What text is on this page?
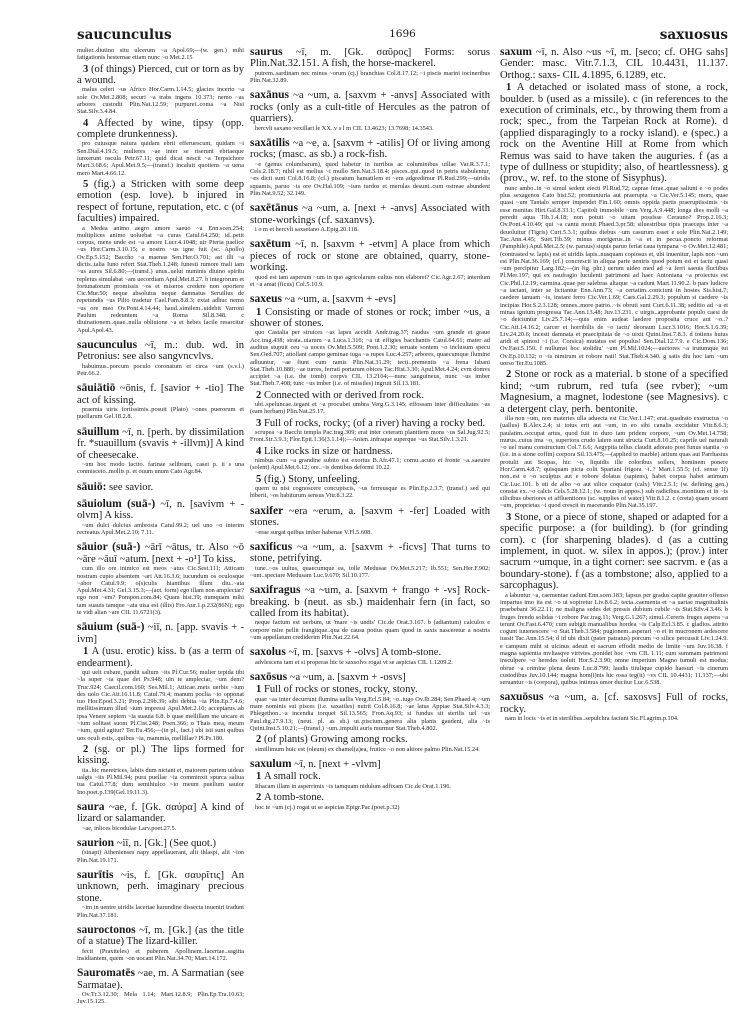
saucunculus	1696	saxuosus

mulier..diutino situ ulcerum ~a Apol.69;—(w. gen.) mihi fatigationis hesternae etiam nunc ~o Met.2.15

3 (of things) Pierced, cut or torn as by a wound.

malus celeri ~us Africo Hor.Carm.1.14.5; glacies incerto ~a sole Ov.Met.2.808; securi ~a trabs ingens 10.373; nemo ~as arbores custodit Plin.Nat.12.59; purpurei..coma ~a Nisi Stat.Silv.3.4.84.

4 Affected by wine, tipsy (opp. complete drunkenness).

pro cuiusque natura quidam ebrii efferuescunt, quidam ~i Sen.Dial.4.19.5; mulieres ~ae inter se riserunt ebriaeque iunxerunt oscula Petr.67.11; quid dicat nescit ~a Terpsichore Mart.3.68.6; Apul.Met.9.5;—(transf.) incaluit quotiens ~a uena mero Mart.4.66.12.

5 (fig.) a Stricken with some deep emotion (esp. love). b injured in respect of fortune, reputation, etc. c (of faculties) impaired.

a Medea animo aegro amore saeuo ~a Enn.scen.254; multiplices animo uoluebat ~a curas Catul.64.250; id..petit corpus, mens unde est ~a amore Lucr.4.1048; uir Pieria paelice ~us Hor.Carm.3.10.15; e nostro ~us igne fuit (sc. Apollo) Ov.Ep.5.152; Baccho ~a maenas Sen.Her.O.701; ast illi ~a dictis..talia Iuno refert Stat.Theb.1.248; funesti rumore mali iam ~us aures Sil.6.80;—(transf.) unus..uelut numinis diuino spiritu repletus simulabat ~am uecordiam Apul.Met.8.27. b integrorum et fortunatorum promissis ~os et miseros credere non oportere Cic.Mur.50; neque absolutus neque damnatus Seruilius de repetundis ~us Pilio tradetur Cael.Fam.8.8.3; extat adhuc nemo ~us ore meo Ov.Pont.4.14.44; haud..similem..uidebit Varroni Paulum redeuntem ~a Roma Sil.8.348. c diuinationem..quae..nulla obliuione ~a et hebes facile resarcitur Apul.Apol.43.

saucunculus ~ī, m.: dub. wd. in Petronius: see also sangvncvlvs.

habuimus..porcum poculo coronatum et circa ~um (s.v.l.) Petr.66.2.

sāuiātiō ~ōnis, f. [savior + -tio] The act of kissing.

praemia uiris fortissimis..posuit (Plato) ~ones puerorum et puellarum Gel.18.2.8.

sāuillum ~ī, n. [perh. by dissimilation fr. *suauillum (svavis + -illvm)] A kind of cheesecake.

~um hoc modo facito. farinae selibram, casei p. ii s una conmisceto..mollis p. et ouum unum Cato Agr.84.

sāuiō: see savior.

sāuiolum (suā-) ~ī, n. [savivm + -olvm] A kiss.

~um dulci dulcius ambrosia Catul.99.2; uel uno ~o interim recreatus Apul.Met.2.10; 7.11.

sāuior (suā-) ~ārī ~ātus, tr. Also ~ō ~āre ~āuī ~atum. [next + -o¹] To kiss.

cum illo ore inimico est meos ~atus Cic.Sest.111; Atticam nostram cupio absentem ~ari Att.16.3.6; iucundum os oculosque ~abor Catul.9.9; o(s)culis hiantibus illum diu..~ata Apul.Met.4.31; Gel.3.15.3;—(act. form) ego illam non amplectar? ego non ~em? Pompon.com.84; Quam hist.39; numquam mihi tam suauis tamque ~ata uisa est (illis) Fro.Aur.1.p.232(86N); ego te vidi alian ~are CIL 11.6721(3).

sāuium (suā-) ~iī, n. [app. svavis + -ivm]

1 A (usu. erotic) kiss. b (as a term of endearment).

qui uelt cubare, pandit saltum ~iis Pl.Cur.56; mulier tepida tibi ~la super ~ia quae det Ps.948; uin te amplectar, ~um dem? Truc.924; Caecil.com.160; Ses.Mil.1; Atticae..meis uerbis ~ium des uolo Cic.Att.16.11.8; Catul.79.4; manum poclia ~io opponat tuo Hor.Epod.3.21; Prop.2.29b.39; sibi debita ~ia Plin.Ep.7.4.6; mellitissimum illud ~ium impressi Apul.Met.2.10; acceptarus..ab ipsa Venere septem ~ia suauia 6.8. b quae mellillam me uocare et ~ium solitast suom Pl.Cist.248; Poen.366; o Thais mea, meum ~ium, quid agitur? Ter.Eu.456;—(in pl., fact.) ubi isti sunt quibus uos oculi estis,..quibus ~ia, mammia, mellillae? Pl.Ps.180.

2 (sg. or pl.) The lips formed for kissing.

ita..hic meretrices, labiis dum nictant ei, maiorem partem uideas ualgis ~iis Pl.Mil.94; pura puellae ~ia comminxit spurca saliua tua Catul.77.8; dum semihiulco ~io meum puellum sauior Ino.poet.p.139(Gel.19.11.3).

saura ~ae, f. [Gk. σαύρα] A kind of lizard or salamander.

~ae, inlices bicodulae Larv.poet.27.5.

saurion ~iī, n. [Gk.] (See quot.)

(sinapi) Athenienses napy appellauerant, alii thlaspi, alii ~ion Plin.Nat.19.171.

saurītis ~is, f. [Gk. σαυρῖτις] An unknown, perh. imaginary precious stone.

~im in uentre uiridis lacertae harundine dissecta inueniri tradunt Plin.Nat.37.181.

sauroctonos ~ī, m. [Gk.] (as the title of a statue) The lizard-killer.

fecit (Praxiteles) et puberem Apollinem..lacertae..sagitta insidiantem, quem ~on uocant Plin.Nat.34.70; Mart.14.172.

Sauromatēs ~ae, m. A Sarmatian (see Sarmatae).

Ov.Tr.3.12.30; Mela 1.14; Mart.12.8.9; Plin.Ep.Tra.10.63; Juv.15.125.

saurus ~ī, m. [Gk. σαῦρος] Forms: sorus Plin.Nat.32.151. A fish, the horse-mackerel.

putrem..sardinam nec minus ~orum (cj.) branchias Col.8.17.12; ~i piscis marini iocineribus Plin.Nat.32.89.

saxānus ~a ~um, a. [saxvm + -anvs] Associated with rocks (only as a cult-title of Hercules as the patron of quarriers).

hercvli saxano vexillari le XX..v s l m CIL 13.4623; 13.7698; 14.3543.

saxātilis ~a ~e, a. [saxvm + -atilis] Of or living among rocks; (masc. as sb.) a rock-fish.

~e (genus columbarum), quod habetur in turribus ac columinibus uillae Var.R.3.7.1; Cels.2.18.7; nihil est melius ~i mullo Sen.Nat.3.18.4; pisces..qui..quod in petris stabulentur, ~es dicti sunt Col.8.16.8; (cf.) piscatum hamatilem et ~em adgredimur Pl.Rud.299;—uiridis squamis, paruo ~is ore Ov.Hal.109; ~ium turdos et merulas desunt..cum ostreae abundent Plin.Nat.9.52; 32.149.

saxētānus ~a ~um, a. [next + -anvs] Associated with stone-workings (cf. saxanvs).

i o m et hercvli saxsetano A.Epig.20.118.

saxētum ~ī, n. [saxvm + -etvm] A place from which pieces of rock or stone are obtained, quarry, stone-working.

quod est tam asperum ~um in quo agricolarum cultus non elaboret? Cic.Agr.2.67; interdum et ~a amat (ficus) Col.5.10.9.

saxeus ~a ~um, a. [saxvm + -evs]

1 Consisting or made of stones or rock; imber ~us, a shower of stones.

quo Castalia per struices ~as lapsu accidit Andr.trag.37; raudus ~um grande et graue Acc.trag.438; strata..uiarum ~a Luca.1.316; ~a ut effigies bacchantis Catul.64.61; mater ad auditus stupuit ceu ~a uoces Ov.Met.5.509; Pont.1.2.30; seruate sontem ~o inclusum specu Sen.Oed.707; attollant campo geminae iuga ~a rupes Luc.4.257; arbores, quaecumque flumine adluuntur, ~ae fiunt cum ramis Plin.Nat.31.29; tecti..prementis ~a frena Isbani Stat.Theb.10.880; ~ae turres, ferrati portarum obices Tac.Hist.3.30; Apul.Met.4.24; cvm domvs accipiet ~a (i.e. the tomb) corpvs CIL 13.2104;—nunc sanguineus, nunc ~us imber Stat.Theb.7.408; tunc ~us imber (i.e. of missiles) ingruit Sil.13.181.

2 Connected with or derived from rock.

ubi..speluncae..tegant et ~a procubet umbra Verg.G.3.145; effossam inter difficultates ~as (eam herbam) Plin.Nat.25.17.

3 Full of rocks, rocky; (of a river) having a rocky bed.

scrupea ~a Bacchi templa Pac.trag.309; erat inter ceteram planitiem mons ~us Sal.Jug.92.5; Front.Str.3.9.3; Flor.Epit.1.36(3.1.14);—Anien..infraque superque ~us Stat.Silv.1.3.21.

4 Like rocks in size or hardness.

nimbus cum ~a grandine subito est exortus B.Afr.47.1; cornu..acuto et fronte ~a..saeuire (solent) Apul.Met.6.12; ore..~is dentibus deformi 10.22.

5 (fig.) Stony, unfeeling.

quem tu nisi cognoscere concupiscis, ~us ferreusque es Plin.Ep.2.3.7; (transf.) sed qui biberit, ~os habiturum sensus Vitr.8.3.22.

saxifer ~era ~erum, a. [saxvm + -fer] Loaded with stones.

~erae surgat quibus imber habenae V.Fl.5.608.

saxificus ~a ~um, a. [saxvm + -ficvs] That turns to stone, petrifying.

tune..~os uultus, quaecumque ea, tolle Medusae Ov.Met.5.217; Ib.551; Sen.Her.F.902; ~um..spectare Medusam Luc.9.670; Sil.10.177.

saxifragus ~a ~um, a. [saxvm + frango + -vs] Rock-breaking. b (neut. as sb.) maidenhair fern (in fact, so called from its habitat).

neque factum est uerbum, ut 'mare ~is undis' Cic.de Orat.3.167. b (adiantum) calculos e corpore mire pellit frangitque..qua de causa potius quam quod in saxis nasceretur a nostris ~um appellatum crediderim Plin.Nat.22.64.

saxolus ~ī, m. [saxvs + -olvs] A tomb-stone.

advlescens tam et si properas hic te saxsolvs rogat vt se aspicias CIL 1.1209.2.

saxōsus ~a ~um, a. [saxvm + -osvs]

1 Full of rocks or stones, rocky, stony.

quae ~as inter decurrunt flumina uallis Verg.Ecl.5.84; ~o..iugo Ov.Ib.284; Sen.Phaed.4; ~um mare nominis sui pisces (i.e. saxatiles) nutrit Col.8.16.8; ~ae latus Appiae Stat.Silv.4.3.3; Phlegethon..~a incendia torquet Sil.13.565; Fron.Aq.93; si fundus sit sterilis uel ~us Paul.dig.27.9.13; (neut. pl. as sb.) ut..piscium..genera alia planis gaudent, alia ~is Quint.Inst.5.10.21;—(transf.) ~um..impulit auris murmur Stat.Theb.4.802.

2 (of plants) Growing among rocks.

simillimum huic est (oleum) ex chamel(a)ea, frutice ~o non altiore palmo Plin.Nat.15.24.

saxulum ~ī, n. [next + -vlvm]

1 A small rock.

Ithacam illam in asperrimis ~is tamquam nidulum adfixam Cic.de Orat.1.196.

2 A tomb-stone.

hoc te ~um (cj.) rogat ut se aspicias Epigr.Pac.(poet.p.32)

saxum ~ī, n. Also ~us ~ī, m. [seco; cf. OHG sahs] Gender: masc. Vitr.7.1.3, CIL 10.4431, 11.137. Orthog.: saxs- CIL 4.1895, 6.1289, etc.

1 A detached or isolated mass of stone, a rock, boulder. b (used as a missile). c (in references to the execution of criminals, etc., by throwing them from a rock; spec., from the Tarpeian Rock at Rome). d (applied disparagingly to a rocky island). e (spec.) a rock on the Aventine Hill at Rome from which Remus was said to have taken the auguries. f (as a type of dullness or stupidity; also, of heartlessness). g (prov., w. ref. to the stone of Sisyphus).

nunc ambo..in ~o simul sedent eiecti Pl.Rud.72; caprae ferae..quae saliunt e ~o podes plus sexagenos Cato hist.52; promunturia aut praerupta ~a Cic.Ver.5.145; mors, quae quasi ~um Tantalo semper impendet Fin.1.60; omnis oppida partis praeruptissimis ~is esse munitas Hirt.Gal.8.33.1; Capitoli immobile ~um Verg.A.9.448; longa dies molli ~a peredit aqua Tib.1.4.18; non potuit ~o uitam possisse Ceraunо? Prop.2.16.3; Ov.Pont.4.10.49; qui ~a cantu monit Phaed.3.pr.58; siluestribus ripis praeceps inter ~a deuoluitur (Tigris) Curt.5.3.1; quibus diebus ~um casurum esset e sole Plin.Nat.2.149; Tac.Ann.4.45; Suet.Tib.39; minus morigerus..in ~a et in pecua..poncto reformat (Pamphile) Apul.Met.2.5; (w. paruus) siquis paruo feriat caua tympana ~o Ov.Met.12.481; (contrasted w. lapis) est et uiridis lapis..nusquam copiosus et, ubi inuenitur, lapis non ~um est Plin.Nat.36.169; (cf.) concrescit in aliqua parte uentris quod potum est et tactu quasi ~um percipitur Larg.182;—(in fig. phr.) uerum uideo med ad ~a ferri saeuis fluctibus Pl.Mer.197; qui ex naufragio luculenti patrimoni ad haec Antoniana ~a proiectus est Cic.Phil.12.19; carmina..quae per salebras altaque ~a cadunt Mart.11.90.2. b pars ludicre ~a iactant, inter se licitantur Enn.Ann.73; ~a certatim..coniciunt in hostes Sis.hist.7; caedere ianuam ~is, instare ferro Cic.Ver.1.69; Caes.Gal.2.29.3; populum si caedere ~is incipias Hor.S.2.3.128; omnes..more patrio..~is obruti sunt Curt.6.11.38; seditio ad ~a et minas ignium progressa Tac.Ann.13.48; Juv.13.231. c uirgis..approbante populo caesi de ~o deiciuntur Liv.25.7.14;—quis enim audeat laedere proposita cruce aut ~o..? Cic.Att.14.16.2; carcer et horribilis de ~o iactu' deorsum Lucr.3.1016; Hor.S.1.6.39; Liv.24.20.6; incesti damnata et praecipitata de ~o uixit Quint.Inst.7.8.3. d totiens huius aridi et spinosi ~i (i.e. Corsica) mutatus est populus! Sen.Dial.12.7.9. e Cic.Dom.136; Ov.Fast.5.150. f nullumst hoc stolidiu' ~um Pl.Mil.1024;—auctores ~a irutumque tui Ov.Ep.10.132; o ~is nimirum et robore nati! Stat.Theb.4.340. g satis diu hoc iam ~um uorso Ter.Eu.1085.

2 Stone or rock as a material. b stone of a specified kind; ~um rubrum, red tufa (see rvber); ~um Magnesium, a magnet, lodestone (see Magnesivs). c a detergent clay, perh. bentonite.

illa non ~um, non materies ulla aduecta est Cic.Ver.1.147; erat..quadrato exstructus ~o (uallus) B.Alex.2.4; si totus erit aut ~um, in eo sibi canalis excidatur Vitr.8.6.3; paulatim..occupat artus, quod fuit in duro iam pridem corpore, ~um Ov.Met.14.758; murus..cuius ima ~o, superiora crudo latere sunt structa Curt.8.10.25; caprile uel naturali ~o uel manu constructum Col.7.6.6; Aegyptia tellus claudit adorato post funus stantia ~o (i.e. in a stone coffin) corpora Sil.13.475;—(applied to marble) artium quas aut Parrhasius protulit aut Scopas, hic ~o, liquidis ille coloribus sollers, hominem ponere Hor.Carm.4.8.7; quisquam picta colit Spartani frigora ~i..? Mart.1.55.5; (cf. sense 1f) non..est e ~o sculptus aut e robore dolatus (sapiens), habet corpus habet animum Cic.Luc.101. b uti de albo ~o aut silice coquatur (calx) Vitr.2.5.1; (w. defining gen.) constat ex..~o calcis Cels.5.28.12.1; (w. noun in appos.) sub radicibus..montium et in ~is silicibus uberiores et affluentiores (sc. supplies of water) Vitr.8.1.2. c (creta) quam uocant ~um, proprietas ~i quod crescit in macerando Plin.Nat.35.197.

3 Stone, or a piece of stone, shaped or adapted for a specific purpose: a (for building). b (for grinding corn). c (for sharpening blades). d (as a cutting implement, in quot. w. silex in appos.); (prov.) inter sacrum ~umque, in a tight corner: see sacrvm. e (as a boundary-stone). f (as a tombstone; also, applied to a sarcophagus).

a labuntur ~a, caementae cadunt Enn.scen.183; lapsus per gradus capite grauiter offenso impartus imo ita est ~o ut sopiretur Liv.8.6.2; tecta..caementa et ~a uariae magnitudinis praebebant 36.22.11; ne maligna sedes det pressis dubium cubile ~is Stat.Silv.4.3.46. b fruges frendo solidas ~i robore Pac.trag.11; Verg.G.1.267; simul..Cereris fruges aspera ~a terunt Ov.Fast.6.470; cum subigit manualibus hordea ~is Calp.Ecl.3.85. c gladios..attrito cogunt iuuenescere ~o Stat.Theb.3.584; pugionem..asperari ~o et in mucronem ardescere iussit Tac.Ann.15.54; d id ubi dixit (pater patratus) porcum ~o silice percussit Liv.1.24.9. e campum mihi si uicinus adeuit et sacrum effodit medio de limite ~um Juv.16.38. f magna sapientia mvltasqve virtvtes..ponidet hoc ~vm CIL 1.11; cum summam patrimoni insculpere ~o heredes uoluit Hor.S.2.3.90; omne imperium Magno tumuli est modus; obrue ~a crimine plena deum Luc.8.799; laudis titulique cupido haesuri ~is cinerum custodibus Juv.10.144; magna hom(i)nis hic ossa teg(it) ~vs CIL 10.4431; 11.137;—ubi seruantur ~is (corpora), quibus intimus umor ducitur Luc.6.538.

saxuōsus ~a ~um, a. [cf. saxosvs] Full of rocks, rocky.

nam in locis ~is et in sterilibus..sepulchra faciunt Sic.Fl.agrim.p.104.
